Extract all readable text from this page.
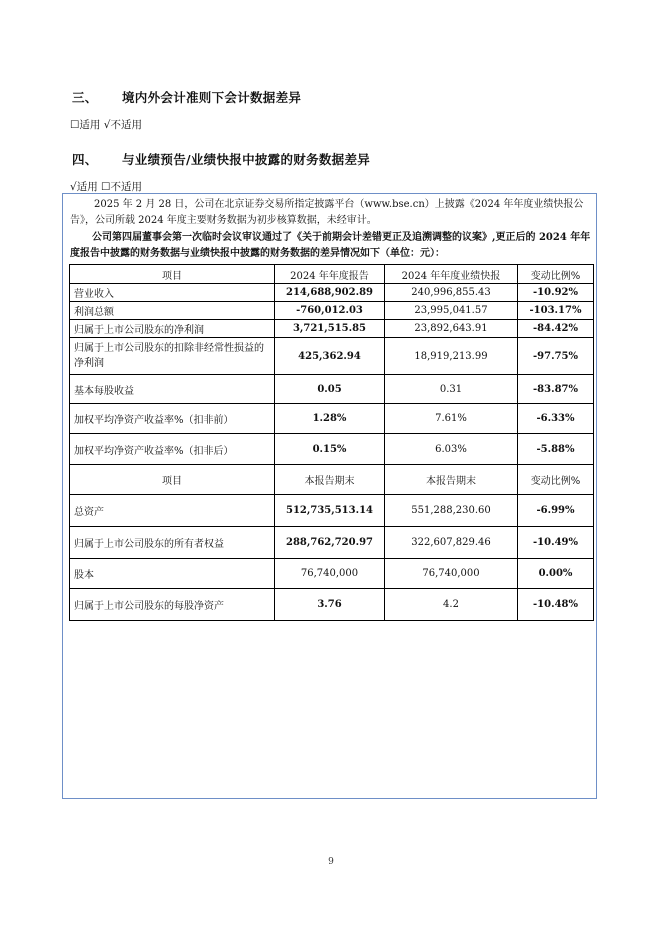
三、 境内外会计准则下会计数据差异
☐适用 √不适用
四、 与业绩预告/业绩快报中披露的财务数据差异
√适用 ☐不适用
2025 年 2 月 28 日，公司在北京证券交易所指定披露平台（www.bse.cn）上披露《2024 年年度业绩快报公告》，公司所载 2024 年度主要财务数据为初步核算数据，未经审计。
公司第四届董事会第一次临时会议审议通过了《关于前期会计差错更正及追溯调整的议案》,更正后的 2024 年年度报告中披露的财务数据与业绩快报中披露的财务数据的差异情况如下（单位：元）：
项目	2024 年年度报告	2024 年年度业绩快报	变动比例%
营业收入	214,688,902.89	240,996,855.43	-10.92%
利润总额	-760,012.03	23,995,041.57	-103.17%
归属于上市公司股东的净利润	3,721,515.85	23,892,643.91	-84.42%
归属于上市公司股东的扣除非经常性损益的净利润	425,362.94	18,919,213.99	-97.75%
基本每股收益	0.05	0.31	-83.87%
加权平均净资产收益率%（扣非前）	1.28%	7.61%	-6.33%
加权平均净资产收益率%（扣非后）	0.15%	6.03%	-5.88%
项目	本报告期末	本报告期末	变动比例%
总资产	512,735,513.14	551,288,230.60	-6.99%
归属于上市公司股东的所有者权益	288,762,720.97	322,607,829.46	-10.49%
股本	76,740,000	76,740,000	0.00%
归属于上市公司股东的每股净资产	3.76	4.2	-10.48%
9
